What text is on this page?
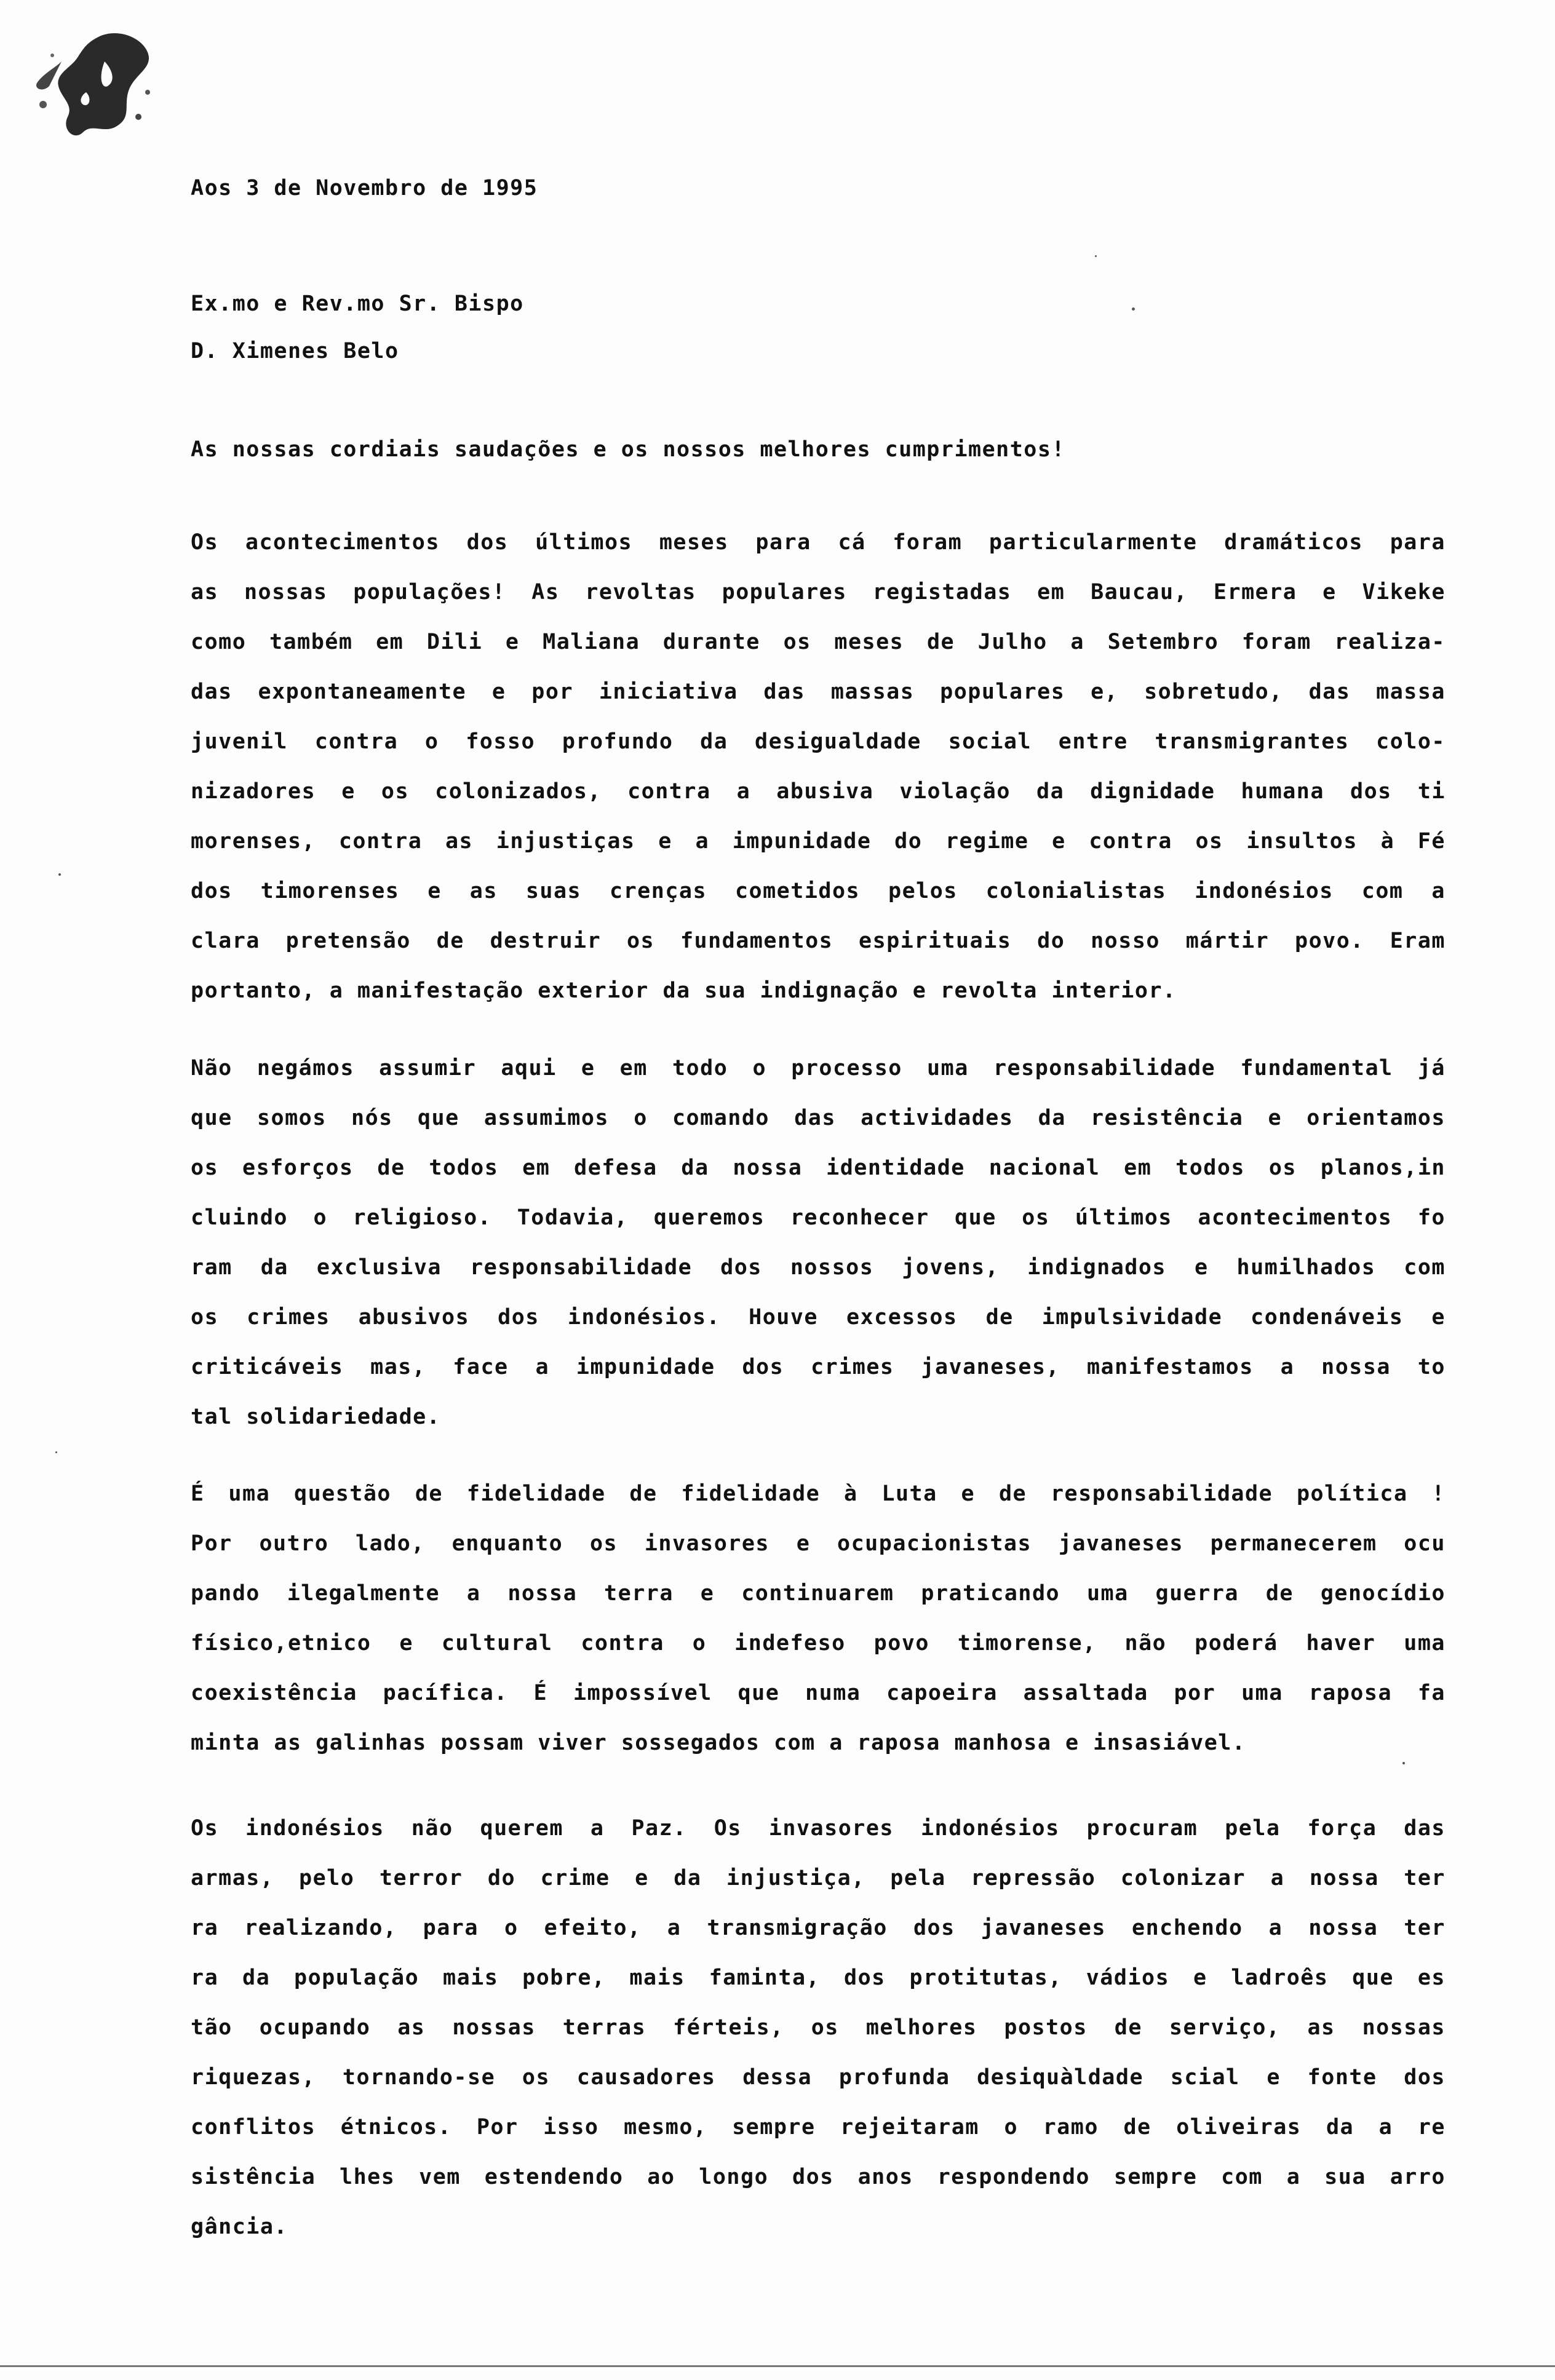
Aos 3 de Novembro de 1995
Ex.mo e Rev.mo Sr. Bispo
D. Ximenes Belo
As nossas cordiais saudações e os nossos melhores cumprimentos!
Os acontecimentos dos últimos meses para cá foram particularmente dramáticos para
as nossas populações! As revoltas populares registadas em Baucau, Ermera e Vikeke
como também em Dili e Maliana durante os meses de Julho a Setembro foram realiza-
das expontaneamente e por iniciativa das massas populares e, sobretudo, das massa
juvenil contra o fosso profundo da desigualdade social entre transmigrantes colo-
nizadores e os colonizados, contra a abusiva violação da dignidade humana dos ti
morenses, contra as injustiças e a impunidade do regime e contra os insultos à Fé
dos timorenses e as suas crenças cometidos pelos colonialistas indonésios com a
clara pretensão de destruir os fundamentos espirituais do nosso mártir povo. Eram
portanto, a manifestação exterior da sua indignação e revolta interior.
Não negámos assumir aqui e em todo o processo uma responsabilidade fundamental já
que somos nós que assumimos o comando das actividades da resistência e orientamos
os esforços de todos em defesa da nossa identidade nacional em todos os planos,in
cluindo o religioso. Todavia, queremos reconhecer que os últimos acontecimentos fo
ram da exclusiva responsabilidade dos nossos jovens, indignados e humilhados com
os crimes abusivos dos indonésios. Houve excessos de impulsividade condenáveis e
criticáveis mas, face a impunidade dos crimes javaneses, manifestamos a nossa to
tal solidariedade.
É uma questão de fidelidade de fidelidade à Luta e de responsabilidade política !
Por outro lado, enquanto os invasores e ocupacionistas javaneses permanecerem ocu
pando ilegalmente a nossa terra e continuarem praticando uma guerra de genocídio
físico,etnico e cultural contra o indefeso povo timorense, não poderá haver uma
coexistência pacífica. É impossível que numa capoeira assaltada por uma raposa fa
minta as galinhas possam viver sossegados com a raposa manhosa e insasiável.
Os indonésios não querem a Paz. Os invasores indonésios procuram pela força das
armas, pelo terror do crime e da injustiça, pela repressão colonizar a nossa ter
ra realizando, para o efeito, a transmigração dos javaneses enchendo a nossa ter
ra da população mais pobre, mais faminta, dos protitutas, vádios e ladroês que es
tão ocupando as nossas terras férteis, os melhores postos de serviço, as nossas
riquezas, tornando-se os causadores dessa profunda desiquàldade scial e fonte dos
conflitos étnicos. Por isso mesmo, sempre rejeitaram o ramo de oliveiras da a re
sistência lhes vem estendendo ao longo dos anos respondendo sempre com a sua arro
gância.
